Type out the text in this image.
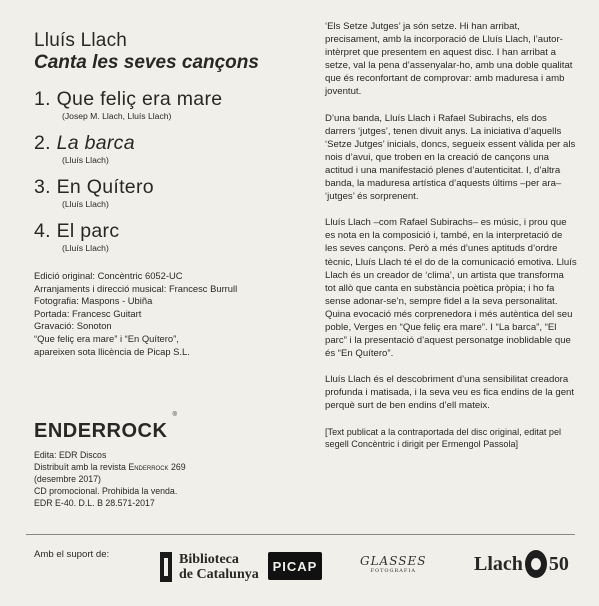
Lluís Llach
Canta les seves cançons
1. Que feliç era mare
(Josep M. Llach, Lluís Llach)
2. La barca
(Lluís Llach)
3. En Quítero
(Lluís Llach)
4. El parc
(Lluís Llach)
Edició original: Concèntric 6052-UC
Arranjaments i direcció musical: Francesc Burrull
Fotografia: Maspons - Ubiña
Portada: Francesc Guitart
Gravació: Sonoton
“Que feliç era mare” i “En Quítero”,
apareixen sota llicència de Picap S.L.
ENDERROCK
®
Edita: EDR Discos
Distribuït amb la revista Enderrock 269
(desembre 2017)
CD promocional. Prohibida la venda.
EDR E-40. D.L. B 28.571-2017

‘Els Setze Jutges’ ja són setze. Hi han arribat, precisament, amb la incorporació de Lluís Llach, l’autor-intèrpret que presentem en aquest disc. I han arribat a setze, val la pena d’assenyalar-ho, amb una doble qualitat que és reconfortant de comprovar: amb maduresa i amb joventut.

D’una banda, Lluís Llach i Rafael Subirachs, els dos darrers ‘jutges’, tenen divuit anys. La iniciativa d’aquells ‘Setze Jutges’ inicials, doncs, segueix essent vàlida per als nois d’avui, que troben en la creació de cançons una actitud i una manifestació plenes d’autenticitat. I, d’altra banda, la maduresa artística d’aquests últims –per ara– ‘jutges’ és sorprenent.

Lluís Llach –com Rafael Subirachs– es músic, i prou que es nota en la composició i, també, en la interpretació de les seves cançons. Però a més d’unes aptituds d’ordre tècnic, Lluís Llach té el do de la comunicació emotiva. Lluís Llach és un creador de ‘clima’, un artista que transforma tot allò que canta en substància poètica pròpia; i ho fa sense adonar-se’n, sempre fidel a la seva personalitat. Quina evocació més corprenedora i més autèntica del seu poble, Verges en “Que feliç era mare”. I “La barca”, “El parc” i la presentació d’aquest personatge inoblidable que és “En Quítero”.

Lluís Llach és el descobriment d’una sensibilitat creadora profunda i matisada, i la seva veu es fica endins de la gent perquè surt de ben endins d’ell mateix.

[Text publicat a la contraportada del disc original, editat pel segell Concèntric i dirigit per Ermengol Passola]

Amb el suport de:	Biblioteca
de Catalunya
PICAP	GLASSES
FOTOGRAFIA	Llach 50
